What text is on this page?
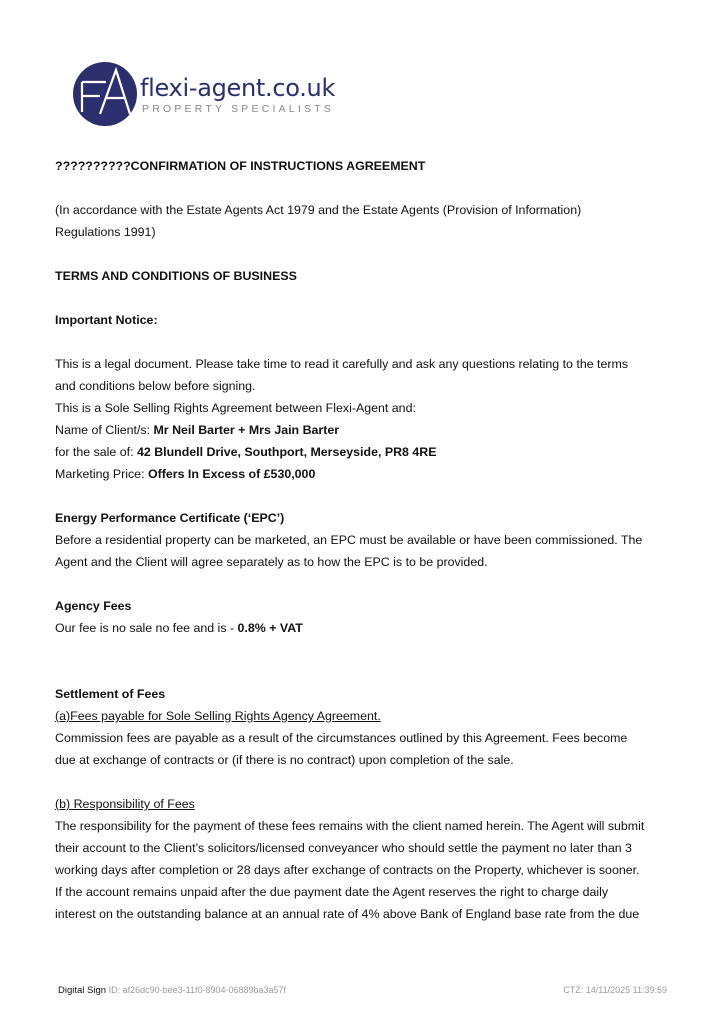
flexi-agent.co.uk
PROPERTY SPECIALISTS

??????????CONFIRMATION OF INSTRUCTIONS AGREEMENT

(In accordance with the Estate Agents Act 1979 and the Estate Agents (Provision of Information)

Regulations 1991)

TERMS AND CONDITIONS OF BUSINESS

Important Notice:

This is a legal document. Please take time to read it carefully and ask any questions relating to the terms

and conditions below before signing.

This is a Sole Selling Rights Agreement between Flexi-Agent and:

Name of Client/s: Mr Neil Barter + Mrs Jain Barter

for the sale of: 42 Blundell Drive, Southport, Merseyside, PR8 4RE

Marketing Price: Offers In Excess of £530,000

Energy Performance Certificate (‘EPC’)

Before a residential property can be marketed, an EPC must be available or have been commissioned. The

Agent and the Client will agree separately as to how the EPC is to be provided.

Agency Fees

Our fee is no sale no fee and is - 0.8% + VAT

Settlement of Fees

(a)Fees payable for Sole Selling Rights Agency Agreement.

Commission fees are payable as a result of the circumstances outlined by this Agreement. Fees become

due at exchange of contracts or (if there is no contract) upon completion of the sale.

(b) Responsibility of Fees

The responsibility for the payment of these fees remains with the client named herein. The Agent will submit

their account to the Client’s solicitors/licensed conveyancer who should settle the payment no later than 3

working days after completion or 28 days after exchange of contracts on the Property, whichever is sooner.

If the account remains unpaid after the due payment date the Agent reserves the right to charge daily

interest on the outstanding balance at an annual rate of 4% above Bank of England base rate from the due

Digital Sign ID: af26dc90-bee3-11f0-8904-06889ba3a57f	CTZ: 14/11/2025 11:39:59
